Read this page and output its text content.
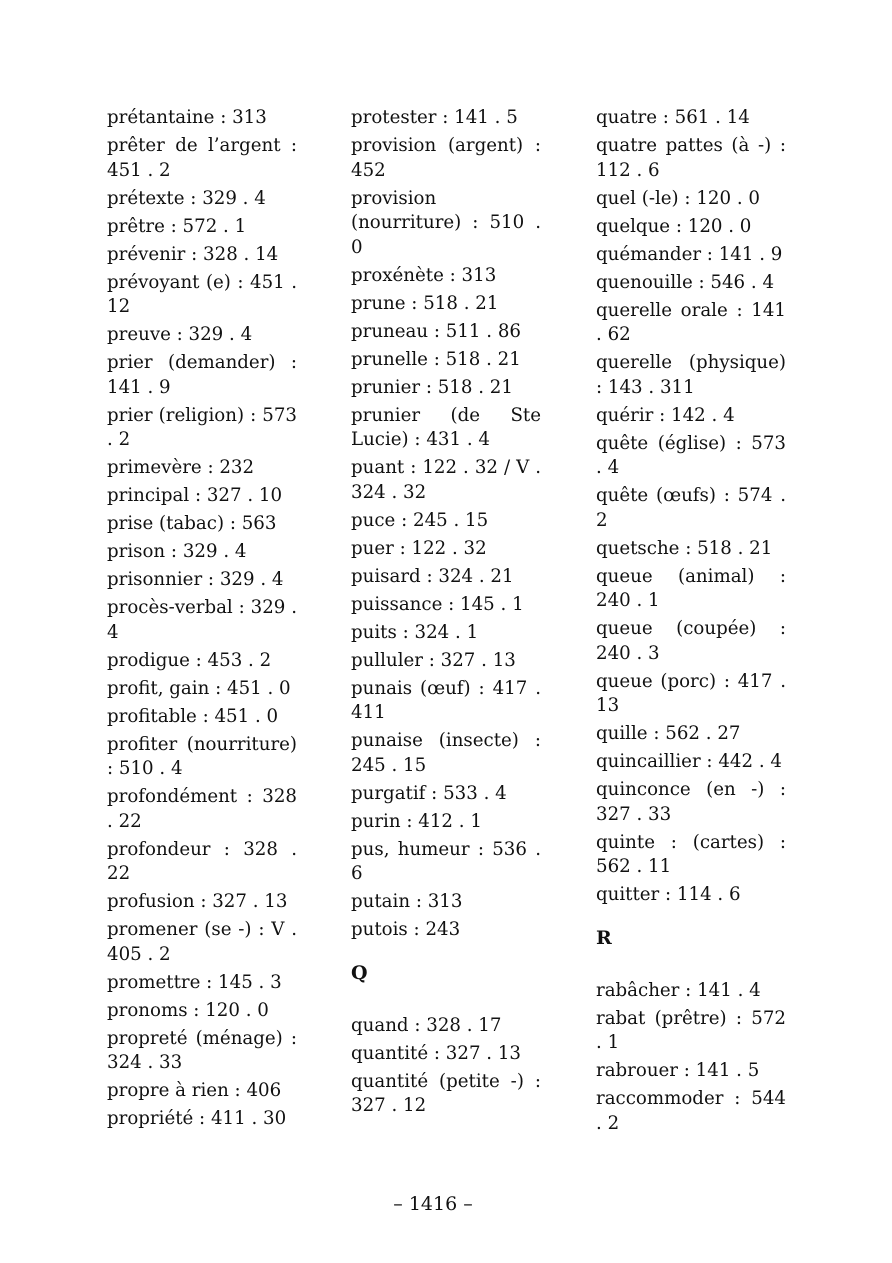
prétantaine : 313
prêter de l’argent : 451 . 2
prétexte : 329 . 4
prêtre : 572 . 1
prévenir : 328 . 14
prévoyant (e) : 451 . 12
preuve : 329 . 4
prier (demander) : 141 . 9
prier (religion) : 573 . 2
primevère : 232
principal : 327 . 10
prise (tabac) : 563
prison : 329 . 4
prisonnier : 329 . 4
procès-verbal : 329 . 4
prodigue : 453 . 2
profit, gain : 451 . 0
profitable : 451 . 0
profiter (nourriture) : 510 . 4
profondément : 328 . 22
profondeur : 328 . 22
profusion : 327 . 13
promener (se -) : V . 405 . 2
promettre : 145 . 3
pronoms : 120 . 0
propreté (ménage) : 324 . 33
propre à rien : 406
propriété : 411 . 30
protester : 141 . 5
provision (argent) : 452
provision (nourriture) : 510 . 0
proxénète : 313
prune : 518 . 21
pruneau : 511 . 86
prunelle : 518 . 21
prunier : 518 . 21
prunier (de Ste Lucie) : 431 . 4
puant : 122 . 32 / V . 324 . 32
puce : 245 . 15
puer : 122 . 32
puisard : 324 . 21
puissance : 145 . 1
puits : 324 . 1
pulluler : 327 . 13
punais (œuf) : 417 . 411
punaise (insecte) : 245 . 15
purgatif : 533 . 4
purin : 412 . 1
pus, humeur : 536 . 6
putain : 313
putois : 243
Q
quand : 328 . 17
quantité : 327 . 13
quantité (petite -) : 327 . 12
quatre : 561 . 14
quatre pattes (à -) : 112 . 6
quel (-le) : 120 . 0
quelque : 120 . 0
quémander : 141 . 9
quenouille : 546 . 4
querelle orale : 141 . 62
querelle (physique) : 143 . 311
quérir : 142 . 4
quête (église) : 573 . 4
quête (œufs) : 574 . 2
quetsche : 518 . 21
queue (animal) : 240 . 1
queue (coupée) : 240 . 3
queue (porc) : 417 . 13
quille : 562 . 27
quincaillier : 442 . 4
quinconce (en -) : 327 . 33
quinte : (cartes) : 562 . 11
quitter : 114 . 6
R
rabâcher : 141 . 4
rabat (prêtre) : 572 . 1
rabrouer : 141 . 5
raccommoder : 544 . 2
– 1416 –
